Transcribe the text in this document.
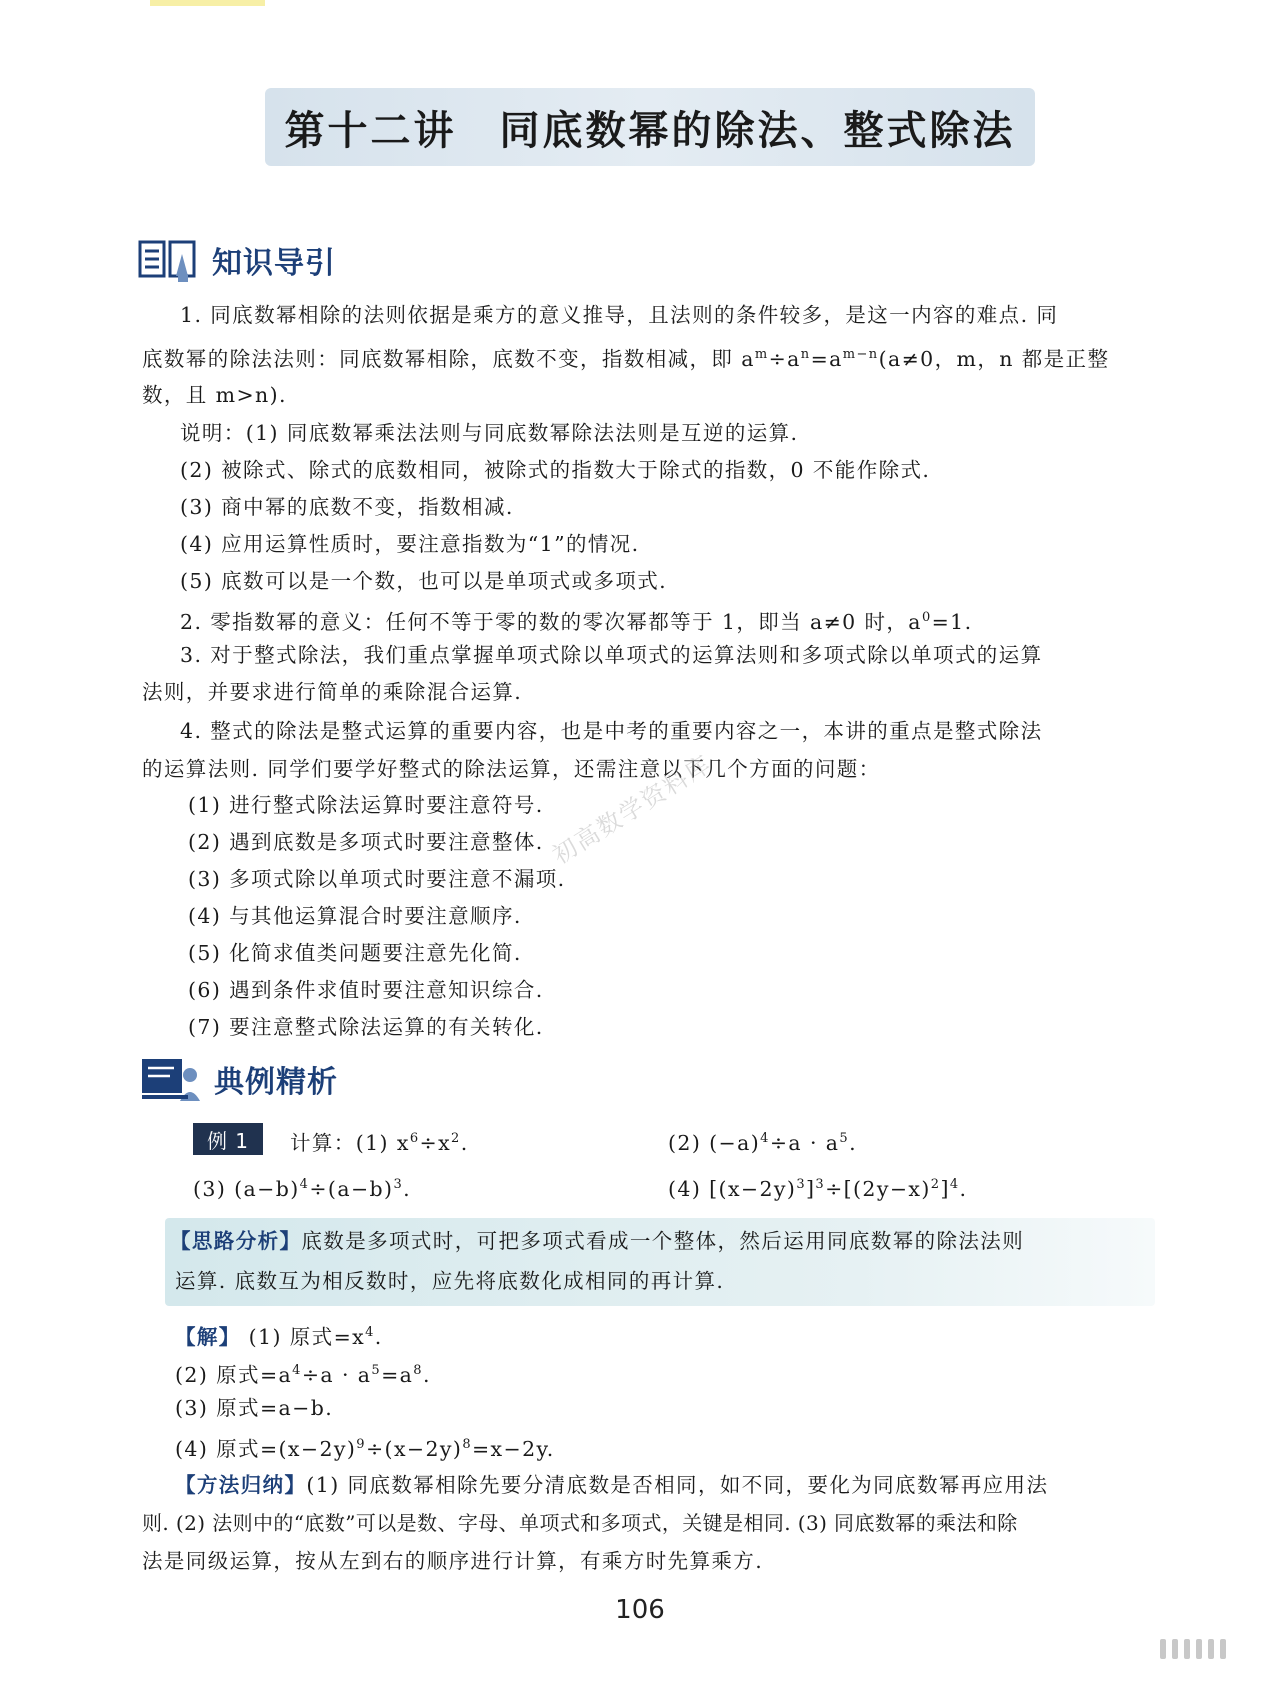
第十二讲　同底数幂的除法、整式除法
知识导引
1. 同底数幂相除的法则依据是乘方的意义推导，且法则的条件较多，是这一内容的难点. 同
底数幂的除法法则：同底数幂相除，底数不变，指数相减，即 $a^m\div a^n=a^{m-n}(a\ne 0$，m，n 都是正整
数，且 m>n).
说明：(1) 同底数幂乘法法则与同底数幂除法法则是互逆的运算.
(2) 被除式、除式的底数相同，被除式的指数大于除式的指数，0 不能作除式.
(3) 商中幂的底数不变，指数相减.
(4) 应用运算性质时，要注意指数为“1”的情况.
(5) 底数可以是一个数，也可以是单项式或多项式.
2. 零指数幂的意义：任何不等于零的数的零次幂都等于 1，即当 a≠0 时，$a^0=1$.
3. 对于整式除法，我们重点掌握单项式除以单项式的运算法则和多项式除以单项式的运算
法则，并要求进行简单的乘除混合运算.
4. 整式的除法是整式运算的重要内容，也是中考的重要内容之一，本讲的重点是整式除法
的运算法则. 同学们要学好整式的除法运算，还需注意以下几个方面的问题：
(1) 进行整式除法运算时要注意符号.
(2) 遇到底数是多项式时要注意整体.
(3) 多项式除以单项式时要注意不漏项.
(4) 与其他运算混合时要注意顺序.
(5) 化简求值类问题要注意先化简.
(6) 遇到条件求值时要注意知识综合.
(7) 要注意整式除法运算的有关转化.
初高数学资料库
典例精析
例 1	计算：(1) $x^6\div x^2$.	(2) $(-a)^4\div a \cdot a^5$.
(3) $(a-b)^4\div(a-b)^3$.	(4) $[(x-2y)^3]^3\div[(2y-x)^2]^4$.
【思路分析】底数是多项式时，可把多项式看成一个整体，然后运用同底数幂的除法法则
运算. 底数互为相反数时，应先将底数化成相同的再计算.
【解】 (1) 原式$=x^4$.
(2) 原式$=a^4\div a \cdot a^5=a^8$.
(3) 原式=a−b.
(4) 原式$=(x-2y)^9\div(x-2y)^8=x-2y$.
【方法归纳】(1) 同底数幂相除先要分清底数是否相同，如不同，要化为同底数幂再应用法
则. (2) 法则中的“底数”可以是数、字母、单项式和多项式，关键是相同. (3) 同底数幂的乘法和除
法是同级运算，按从左到右的顺序进行计算，有乘方时先算乘方.
106
